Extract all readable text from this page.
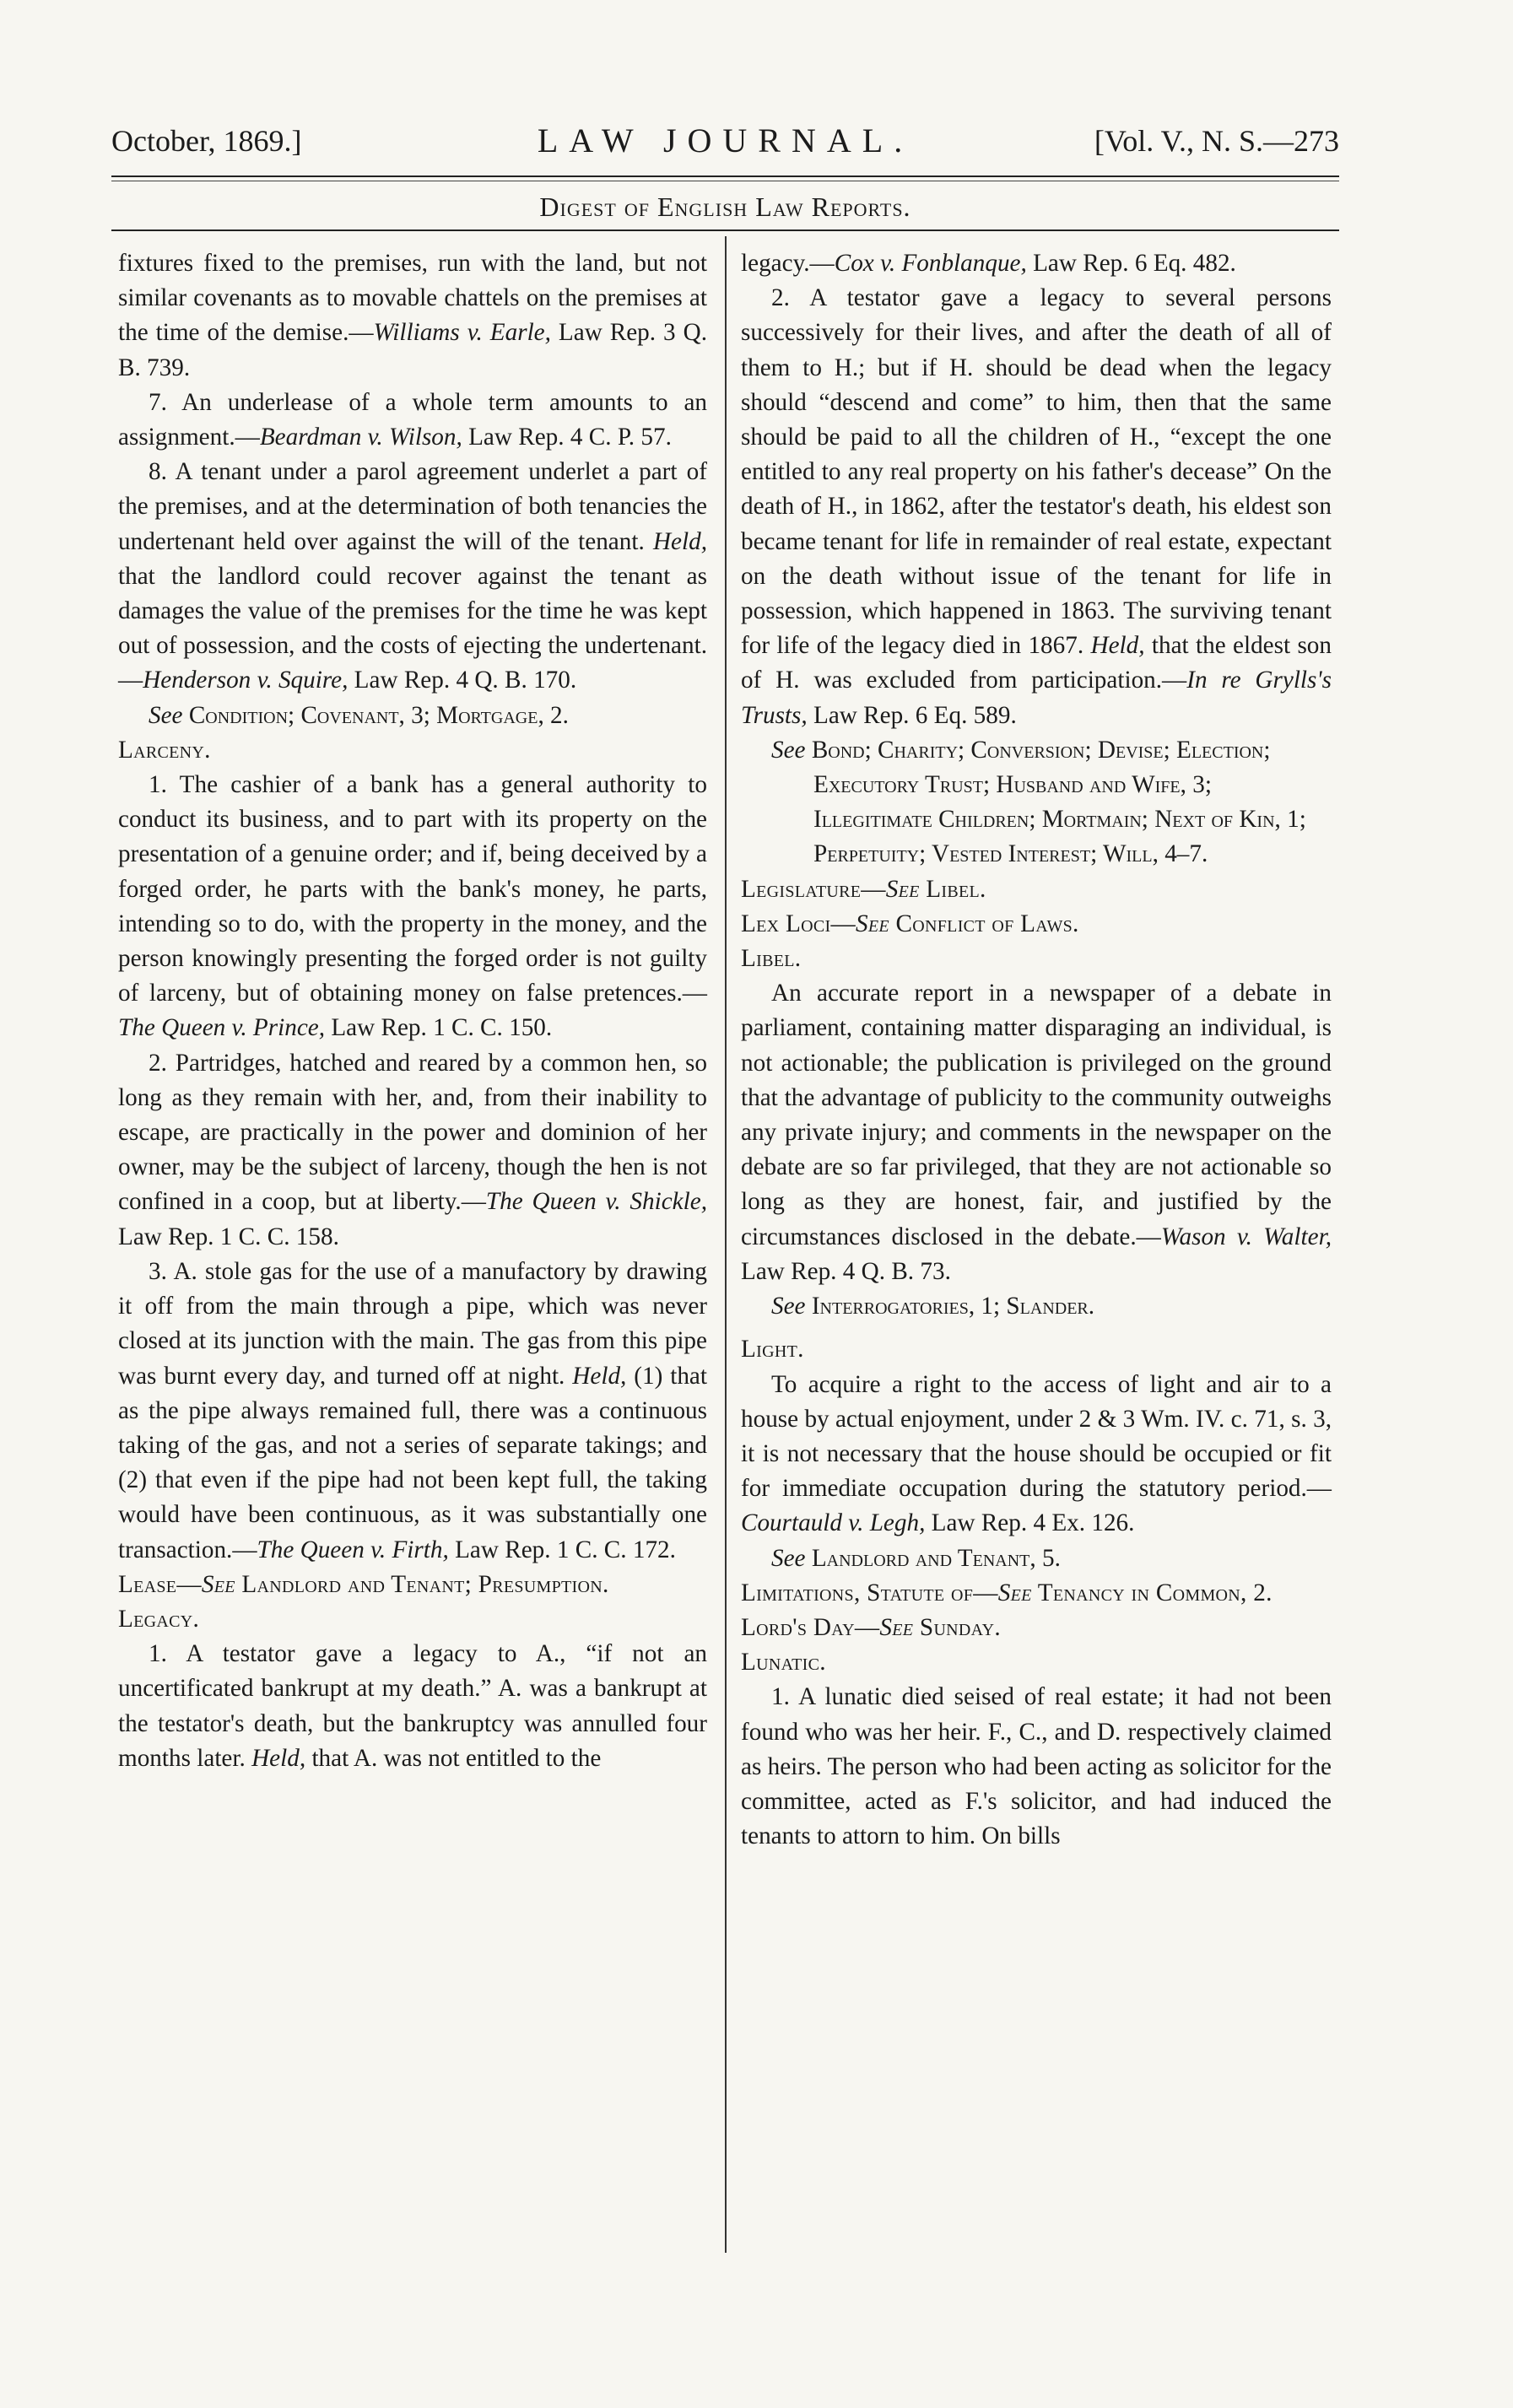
October, 1869.]	LAW JOURNAL.	[Vol. V., N. S.—273
Digest of English Law Reports.

fixtures fixed to the premises, run with the land, but not similar covenants as to movable chattels on the premises at the time of the demise.—Williams v. Earle, Law Rep. 3 Q. B. 739.

7. An underlease of a whole term amounts to an assignment.—Beardman v. Wilson, Law Rep. 4 C. P. 57.

8. A tenant under a parol agreement underlet a part of the premises, and at the determination of both tenancies the undertenant held over against the will of the tenant. Held, that the landlord could recover against the tenant as damages the value of the premises for the time he was kept out of possession, and the costs of ejecting the undertenant.—Henderson v. Squire, Law Rep. 4 Q. B. 170.

See Condition; Covenant, 3; Mortgage, 2.

Larceny.

1. The cashier of a bank has a general authority to conduct its business, and to part with its property on the presentation of a genuine order; and if, being deceived by a forged order, he parts with the bank's money, he parts, intending so to do, with the property in the money, and the person knowingly presenting the forged order is not guilty of larceny, but of obtaining money on false pretences.—The Queen v. Prince, Law Rep. 1 C. C. 150.

2. Partridges, hatched and reared by a common hen, so long as they remain with her, and, from their inability to escape, are practically in the power and dominion of her owner, may be the subject of larceny, though the hen is not confined in a coop, but at liberty.—The Queen v. Shickle, Law Rep. 1 C. C. 158.

3. A. stole gas for the use of a manufactory by drawing it off from the main through a pipe, which was never closed at its junction with the main. The gas from this pipe was burnt every day, and turned off at night. Held, (1) that as the pipe always remained full, there was a continuous taking of the gas, and not a series of separate takings; and (2) that even if the pipe had not been kept full, the taking would have been continuous, as it was substantially one transaction.—The Queen v. Firth, Law Rep. 1 C. C. 172.

Lease—See Landlord and Tenant; Presumption.

Legacy.

1. A testator gave a legacy to A., “if not an uncertificated bankrupt at my death.” A. was a bankrupt at the testator's death, but the bankruptcy was annulled four months later. Held, that A. was not entitled to the

legacy.—Cox v. Fonblanque, Law Rep. 6 Eq. 482.

2. A testator gave a legacy to several persons successively for their lives, and after the death of all of them to H.; but if H. should be dead when the legacy should “descend and come” to him, then that the same should be paid to all the children of H., “except the one entitled to any real property on his father's decease” On the death of H., in 1862, after the testator's death, his eldest son became tenant for life in remainder of real estate, expectant on the death without issue of the tenant for life in possession, which happened in 1863. The surviving tenant for life of the legacy died in 1867. Held, that the eldest son of H. was excluded from participation.—In re Grylls's Trusts, Law Rep. 6 Eq. 589.

See Bond; Charity; Conversion; Devise; Election; Executory Trust; Husband and Wife, 3; Illegitimate Children; Mortmain; Next of Kin, 1; Perpetuity; Vested Interest; Will, 4–7.

Legislature—See Libel.

Lex Loci—See Conflict of Laws.

Libel.

An accurate report in a newspaper of a debate in parliament, containing matter disparaging an individual, is not actionable; the publication is privileged on the ground that the advantage of publicity to the community outweighs any private injury; and comments in the newspaper on the debate are so far privileged, that they are not actionable so long as they are honest, fair, and justified by the circumstances disclosed in the debate.—Wason v. Walter, Law Rep. 4 Q. B. 73.

See Interrogatories, 1; Slander.

Light.

To acquire a right to the access of light and air to a house by actual enjoyment, under 2 & 3 Wm. IV. c. 71, s. 3, it is not necessary that the house should be occupied or fit for immediate occupation during the statutory period.—Courtauld v. Legh, Law Rep. 4 Ex. 126.

See Landlord and Tenant, 5.

Limitations, Statute of—See Tenancy in Common, 2.

Lord's Day—See Sunday.

Lunatic.

1. A lunatic died seised of real estate; it had not been found who was her heir. F., C., and D. respectively claimed as heirs. The person who had been acting as solicitor for the committee, acted as F.'s solicitor, and had induced the tenants to attorn to him. On bills
